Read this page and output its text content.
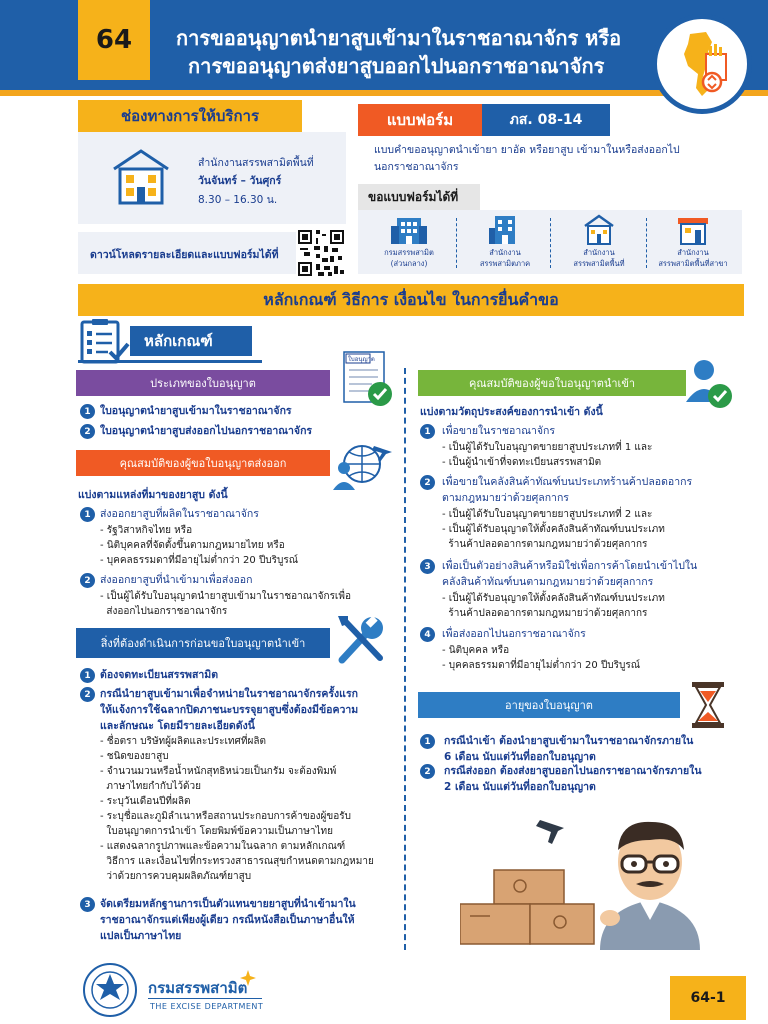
64	การขออนุญาตนำยาสูบเข้ามาในราชอาณาจักร หรือ
การขออนุญาตส่งยาสูบออกไปนอกราชอาณาจักร
ช่องทางการให้บริการ
สำนักงานสรรพสามิตพื้นที่
วันจันทร์ – วันศุกร์
8.30 – 16.30 น.
ดาวน์โหลดรายละเอียดและแบบฟอร์มได้ที่
แบบฟอร์ม	ภส. 08-14
แบบคำขออนุญาตนำเข้ายา ยาอัด หรือยาสูบ เข้ามาในหรือส่งออกไป
นอกราชอาณาจักร
ขอแบบฟอร์มได้ที่
กรมสรรพสามิต
(ส่วนกลาง)
สำนักงาน
สรรพสามิตภาค
สำนักงาน
สรรพสามิตพื้นที่
สำนักงาน
สรรพสามิตพื้นที่สาขา
หลักเกณฑ์ วิธีการ เงื่อนไข ในการยื่นคำขอ
หลักเกณฑ์
ประเภทของใบอนุญาต
ใบอนุญาต
1 ใบอนุญาตนำยาสูบเข้ามาในราชอาณาจักร
2 ใบอนุญาตนำยาสูบส่งออกไปนอกราชอาณาจักร
คุณสมบัติของผู้ขอใบอนุญาตส่งออก
แบ่งตามแหล่งที่มาของยาสูบ ดังนี้
1 ส่งออกยาสูบที่ผลิตในราชอาณาจักร
- รัฐวิสาหกิจไทย หรือ
- นิติบุคคลที่จัดตั้งขึ้นตามกฎหมายไทย หรือ
- บุคคลธรรมดาที่มีอายุไม่ต่ำกว่า 20 ปีบริบูรณ์
2 ส่งออกยาสูบที่นำเข้ามาเพื่อส่งออก
- เป็นผู้ได้รับใบอนุญาตนำยาสูบเข้ามาในราชอาณาจักรเพื่อ
ส่งออกไปนอกราชอาณาจักร
สิ่งที่ต้องดำเนินการก่อนขอใบอนุญาตนำเข้า
1 ต้องจดทะเบียนสรรพสามิต
2 กรณีนำยาสูบเข้ามาเพื่อจำหน่ายในราชอาณาจักรครั้งแรก
ให้แจ้งการใช้ฉลากปิดภาชนะบรรจุยาสูบซึ่งต้องมีข้อความ
และลักษณะ โดยมีรายละเอียดดังนี้
- ชื่อตรา บริษัทผู้ผลิตและประเทศที่ผลิต
- ชนิดของยาสูบ
- จำนวนมวนหรือน้ำหนักสุทธิหน่วยเป็นกรัม จะต้องพิมพ์
ภาษาไทยกำกับไว้ด้วย
- ระบุวันเดือนปีที่ผลิต
- ระบุชื่อและภูมิลำเนาหรือสถานประกอบการค้าของผู้ขอรับ
ใบอนุญาตการนำเข้า โดยพิมพ์ข้อความเป็นภาษาไทย
- แสดงฉลากรูปภาพและข้อความในฉลาก ตามหลักเกณฑ์
วิธีการ และเงื่อนไขที่กระทรวงสาธารณสุขกำหนดตามกฎหมาย
ว่าด้วยการควบคุมผลิตภัณฑ์ยาสูบ
3 จัดเตรียมหลักฐานการเป็นตัวแทนขายยาสูบที่นำเข้ามาใน
ราชอาณาจักรแต่เพียงผู้เดียว กรณีหนังสือเป็นภาษาอื่นให้
แปลเป็นภาษาไทย
คุณสมบัติของผู้ขอใบอนุญาตนำเข้า
แบ่งตามวัตถุประสงค์ของการนำเข้า ดังนี้
1	เพื่อขายในราชอาณาจักร
- เป็นผู้ได้รับใบอนุญาตขายยาสูบประเภทที่ 1 และ
- เป็นผู้นำเข้าที่จดทะเบียนสรรพสามิต
2	เพื่อขายในคลังสินค้าทัณฑ์บนประเภทร้านค้าปลอดอากร
ตามกฎหมายว่าด้วยศุลกากร
- เป็นผู้ได้รับใบอนุญาตขายยาสูบประเภทที่ 2 และ
- เป็นผู้ได้รับอนุญาตให้ตั้งคลังสินค้าทัณฑ์บนประเภท
ร้านค้าปลอดอากรตามกฎหมายว่าด้วยศุลกากร
3	เพื่อเป็นตัวอย่างสินค้าหรือมิใช่เพื่อการค้าโดยนำเข้าไปใน
คลังสินค้าทัณฑ์บนตามกฎหมายว่าด้วยศุลกากร
- เป็นผู้ได้รับอนุญาตให้ตั้งคลังสินค้าทัณฑ์บนประเภท
ร้านค้าปลอดอากรตามกฎหมายว่าด้วยศุลกากร
4	เพื่อส่งออกไปนอกราชอาณาจักร
- นิติบุคคล หรือ
- บุคคลธรรมดาที่มีอายุไม่ต่ำกว่า 20 ปีบริบูรณ์
อายุของใบอนุญาต
1	กรณีนำเข้า ต้องนำยาสูบเข้ามาในราชอาณาจักรภายใน
6 เดือน นับแต่วันที่ออกใบอนุญาต
2	กรณีส่งออก ต้องส่งยาสูบออกไปนอกราชอาณาจักรภายใน
2 เดือน นับแต่วันที่ออกใบอนุญาต
กรมสรรพสามิต
THE EXCISE DEPARTMENT
64-1
